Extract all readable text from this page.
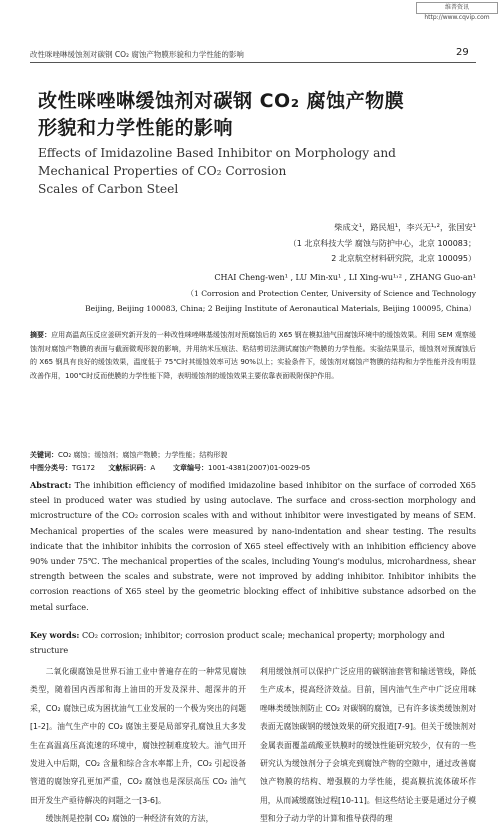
维普资讯 http://www.cqvip.com
改性咪唑啉缓蚀剂对碳钢 CO₂ 腐蚀产物膜形貌和力学性能的影响	29
改性咪唑啉缓蚀剂对碳钢 CO₂ 腐蚀产物膜
形貌和力学性能的影响
Effects of Imidazoline Based Inhibitor on Morphology and
Mechanical Properties of CO₂ Corrosion
Scales of Carbon Steel
柴成文¹，路民旭¹，李兴无¹˒²，张国安¹
（1 北京科技大学 腐蚀与防护中心，北京 100083；
2 北京航空材料研究院，北京 100095）
CHAI Cheng-wen¹ , LU Min-xu¹ , LI Xing-wu¹˒² , ZHANG Guo-an¹
（1 Corrosion and Protection Center, University of Science and Technology
Beijing, Beijing 100083, China; 2 Beijing Institute of Aeronautical Materials, Beijing 100095, China）
摘要：应用高温高压反应釜研究新开发的一种改性咪唑啉基缓蚀剂对预腐蚀后的 X65 钢在模拟油气田腐蚀环境中的缓蚀效果。利用 SEM 观察缓蚀剂对腐蚀产物膜的表面与截面微观形貌的影响，并用纳米压痕法、粘结剪切法测试腐蚀产物膜的力学性能。实验结果显示，缓蚀剂对预腐蚀后的 X65 钢具有良好的缓蚀效果，温度低于 75℃时其缓蚀效率可达 90%以上；实验条件下，缓蚀剂对腐蚀产物膜的结构和力学性能并没有明显改善作用，100℃时反而使膜的力学性能下降，表明缓蚀剂的缓蚀效果主要依靠表面吸附保护作用。
关键词：CO₂ 腐蚀；缓蚀剂；腐蚀产物膜；力学性能；结构形貌
中图分类号：TG172 文献标识码：A	文章编号：1001-4381(2007)01-0029-05
Abstract: The inhibition efficiency of modified imidazoline based inhibitor on the surface of corroded X65 steel in produced water was studied by using autoclave. The surface and cross-section morphology and microstructure of the CO₂ corrosion scales with and without inhibitor were investigated by means of SEM. Mechanical properties of the scales were measured by nano-indentation and shear testing. The results indicate that the inhibitor inhibits the corrosion of X65 steel effectively with an inhibition efficiency above 90% under 75℃. The mechanical properties of the scales, including Young's modulus, microhardness, shear strength between the scales and substrate, were not improved by adding inhibitor. Inhibitor inhibits the corrosion reactions of X65 steel by the geometric blocking effect of inhibitive substance adsorbed on the metal surface.
Key words: CO₂ corrosion; inhibitor; corrosion product scale; mechanical property; morphology and structure

二氧化碳腐蚀是世界石油工业中普遍存在的一种常见腐蚀类型，随着国内西部和海上油田的开发及深井、超深井的开采，CO₂ 腐蚀已成为困扰油气工业发展的一个极为突出的问题[1-2]。油气生产中的 CO₂ 腐蚀主要是局部穿孔腐蚀且大多发生在高温高压高流速的环境中，腐蚀控制难度较大。油气田开发进入中后期，CO₂ 含量和综合含水率都上升，CO₂ 引起设备管道的腐蚀穿孔更加严重，CO₂ 腐蚀也是深层高压 CO₂ 油气田开发生产亟待解决的问题之一[3-6]。

缓蚀剂是控制 CO₂ 腐蚀的一种经济有效的方法，

利用缓蚀剂可以保护广泛应用的碳钢油套管和输送管线，降低生产成本，提高经济效益。目前，国内油气生产中广泛应用咪唑啉类缓蚀剂防止 CO₂ 对碳钢的腐蚀，已有许多该类缓蚀剂对表面无腐蚀碳钢的缓蚀效果的研究报道[7-9]。但关于缓蚀剂对金属表面覆盖疏酸亚铁膜时的缓蚀性能研究较少，仅有的一些研究认为缓蚀剂分子会填充到腐蚀产物的空隙中，通过改善腐蚀产物膜的结构、增强膜的力学性能，提高膜抗流体破坏作用，从而减缓腐蚀过程[10-11]。但这些结论主要是通过分子模型和分子动力学的计算和推导获得的理
